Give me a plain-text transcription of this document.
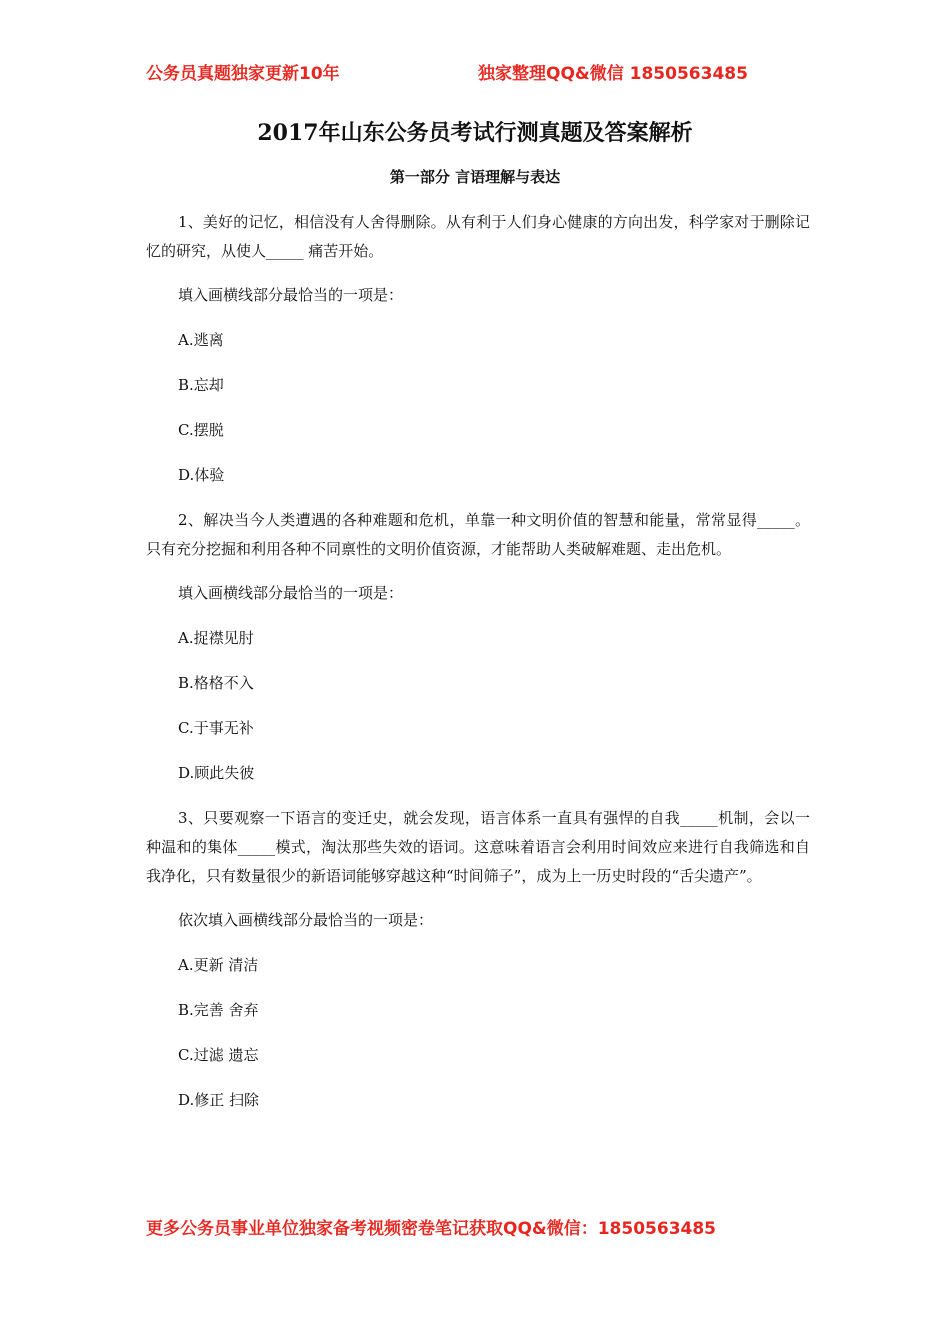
公务员真题独家更新10年	独家整理QQ&微信 1850563485
2017年山东公务员考试行测真题及答案解析
第一部分 言语理解与表达

1、美好的记忆，相信没有人舍得删除。从有利于人们身心健康的方向出发，科学家对于删除记忆的研究，从使人_____ 痛苦开始。

填入画横线部分最恰当的一项是：

A.逃离

B.忘却

C.摆脱

D.体验

2、解决当今人类遭遇的各种难题和危机，单靠一种文明价值的智慧和能量，常常显得_____。只有充分挖掘和利用各种不同禀性的文明价值资源，才能帮助人类破解难题、走出危机。

填入画横线部分最恰当的一项是：

A.捉襟见肘

B.格格不入

C.于事无补

D.顾此失彼

3、只要观察一下语言的变迁史，就会发现，语言体系一直具有强悍的自我_____机制，会以一种温和的集体_____模式，淘汰那些失效的语词。这意味着语言会利用时间效应来进行自我筛选和自我净化，只有数量很少的新语词能够穿越这种“时间筛子”，成为上一历史时段的“舌尖遗产”。

依次填入画横线部分最恰当的一项是：

A.更新 清洁

B.完善 舍弃

C.过滤 遗忘

D.修正 扫除

更多公务员事业单位独家备考视频密卷笔记获取QQ&微信：1850563485
